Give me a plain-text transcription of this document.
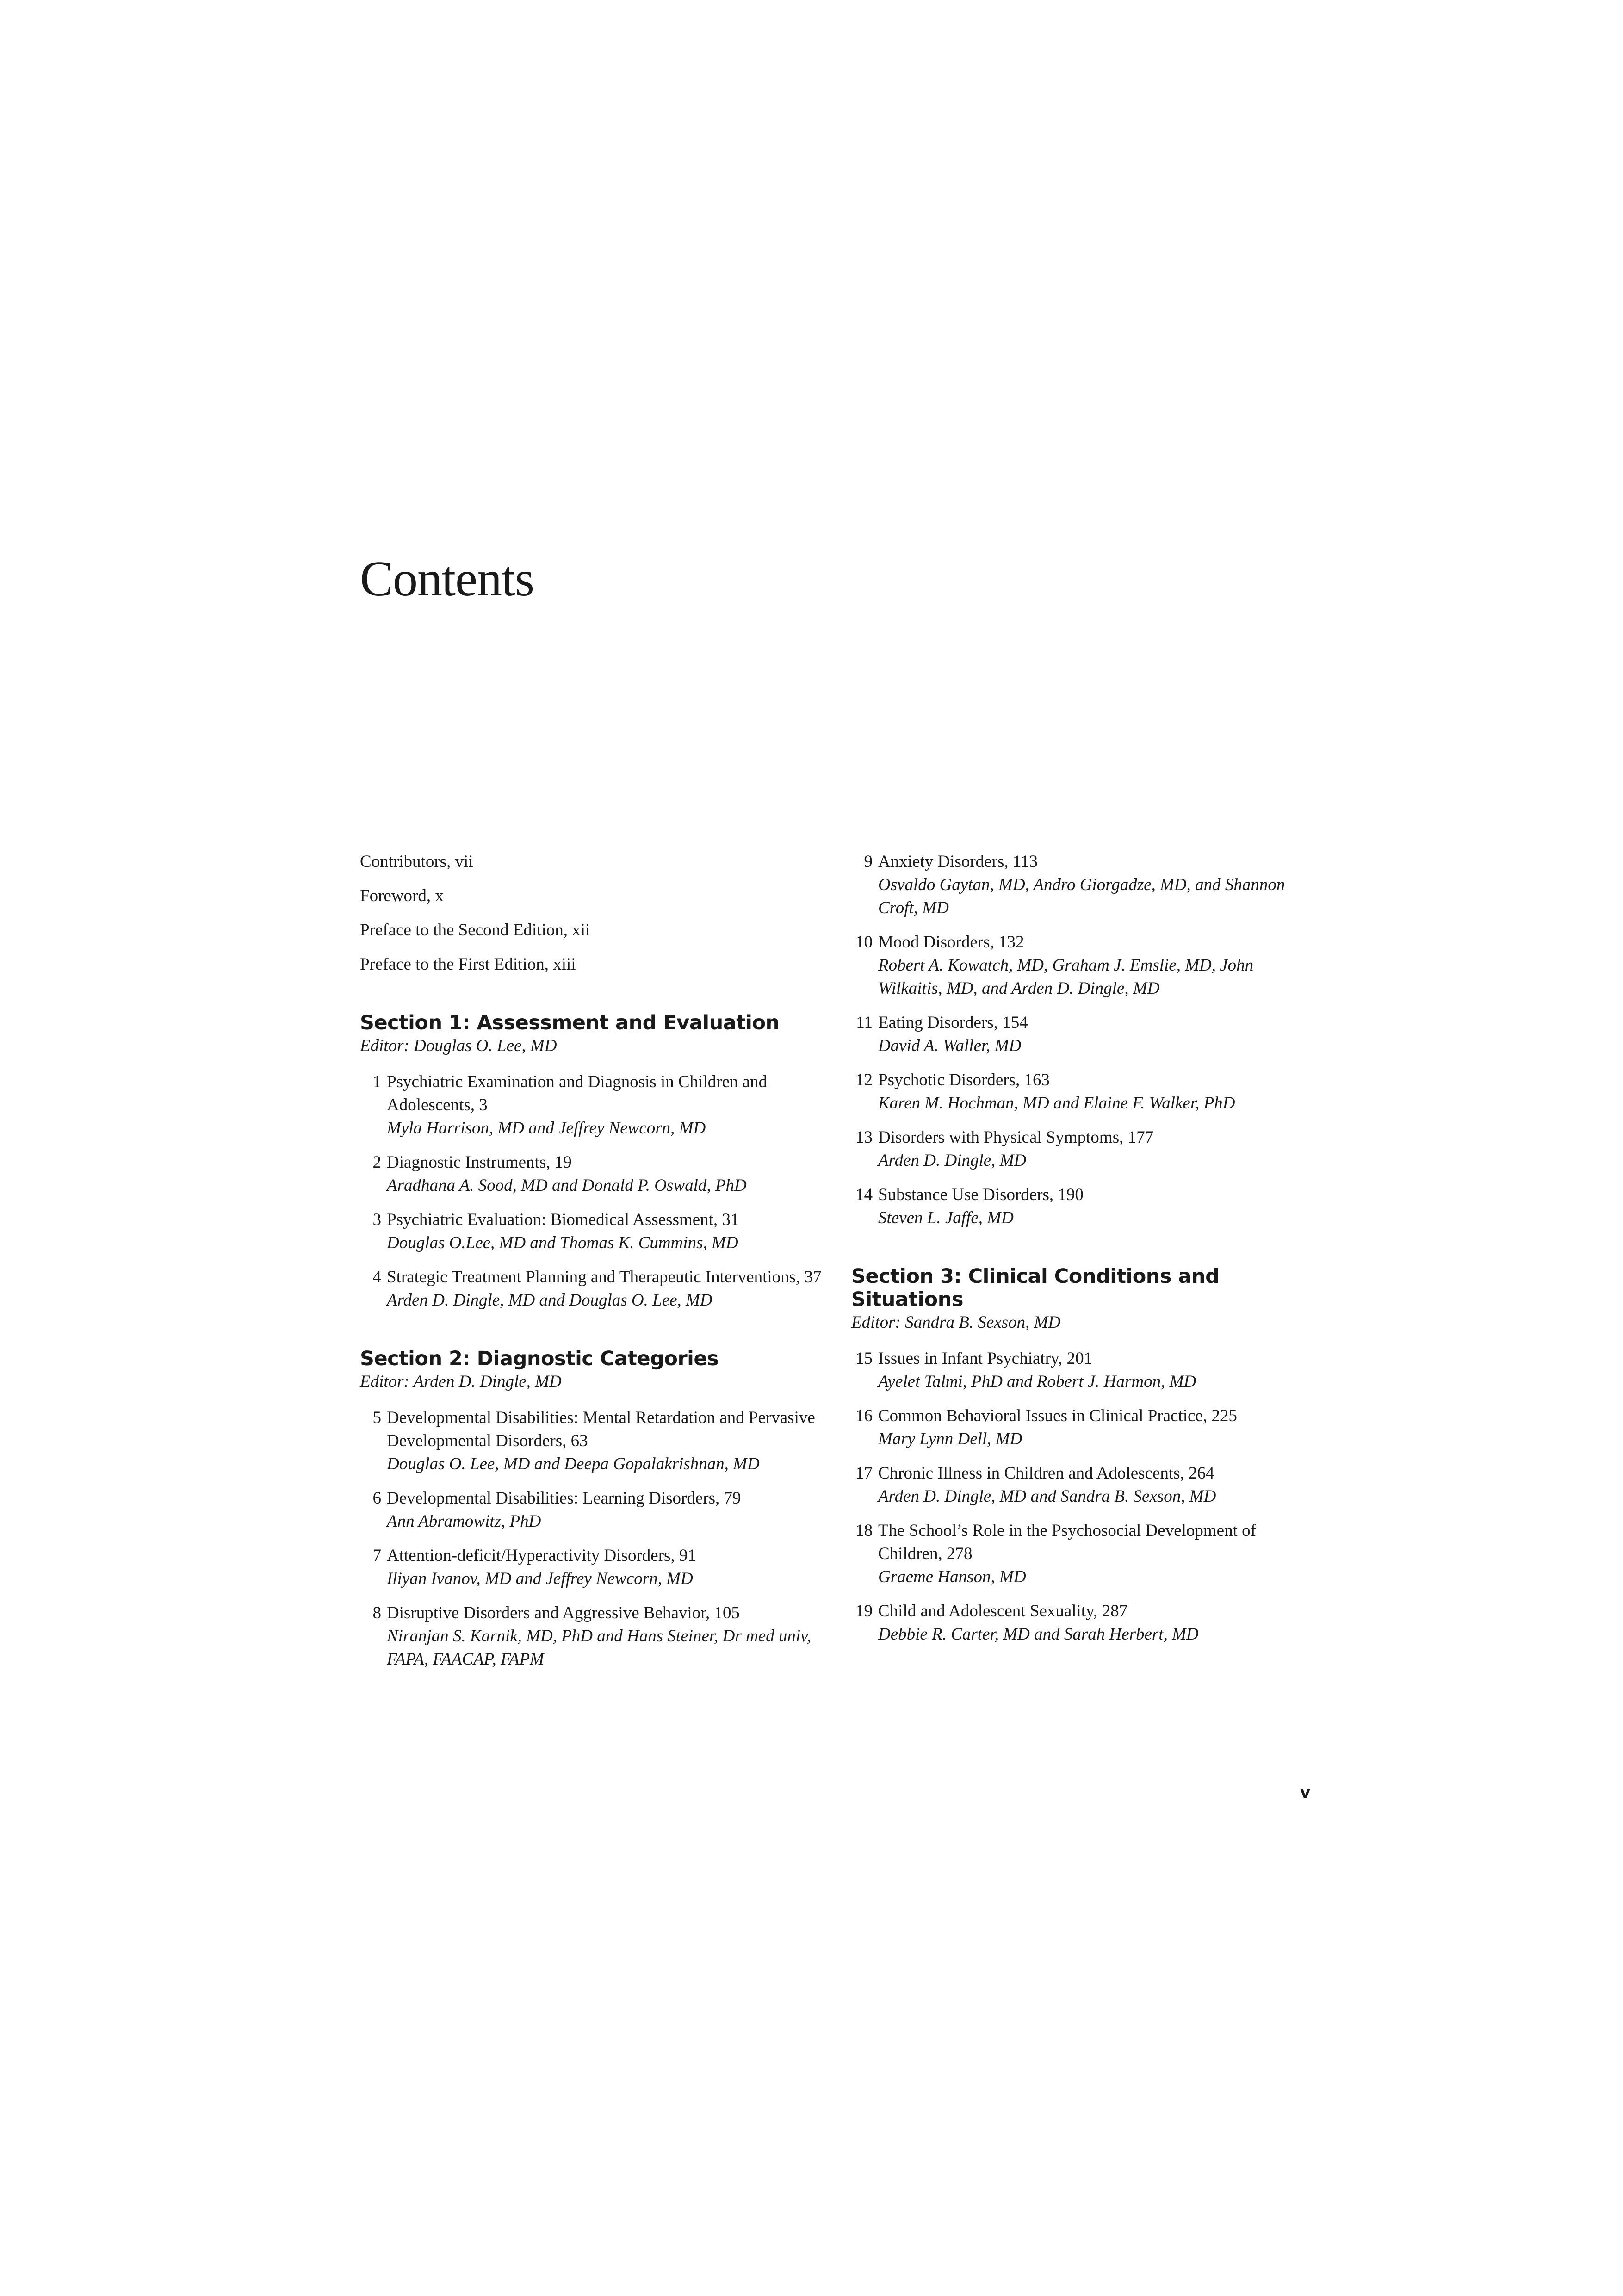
Contents

Contributors, vii

Foreword, x

Preface to the Second Edition, xii

Preface to the First Edition, xiii

Section 1: Assessment and Evaluation

Editor: Douglas O. Lee, MD

1 Psychiatric Examination and Diagnosis in Children and Adolescents, 3
Myla Harrison, MD and Jeffrey Newcorn, MD
2 Diagnostic Instruments, 19
Aradhana A. Sood, MD and Donald P. Oswald, PhD
3 Psychiatric Evaluation: Biomedical Assessment, 31
Douglas O.Lee, MD and Thomas K. Cummins, MD
4 Strategic Treatment Planning and Therapeutic Interventions, 37
Arden D. Dingle, MD and Douglas O. Lee, MD
Section 2: Diagnostic Categories

Editor: Arden D. Dingle, MD

5 Developmental Disabilities: Mental Retardation and Pervasive Developmental Disorders, 63
Douglas O. Lee, MD and Deepa Gopalakrishnan, MD
6 Developmental Disabilities: Learning Disorders, 79
Ann Abramowitz, PhD
7 Attention-deficit/Hyperactivity Disorders, 91
Iliyan Ivanov, MD and Jeffrey Newcorn, MD
8 Disruptive Disorders and Aggressive Behavior, 105
Niranjan S. Karnik, MD, PhD and Hans Steiner, Dr med univ, FAPA, FAACAP, FAPM
9 Anxiety Disorders, 113
Osvaldo Gaytan, MD, Andro Giorgadze, MD, and Shannon Croft, MD
10 Mood Disorders, 132
Robert A. Kowatch, MD, Graham J. Emslie, MD, John Wilkaitis, MD, and Arden D. Dingle, MD
11 Eating Disorders, 154
David A. Waller, MD
12 Psychotic Disorders, 163
Karen M. Hochman, MD and Elaine F. Walker, PhD
13 Disorders with Physical Symptoms, 177
Arden D. Dingle, MD
14 Substance Use Disorders, 190
Steven L. Jaffe, MD
Section 3: Clinical Conditions and Situations

Editor: Sandra B. Sexson, MD

15 Issues in Infant Psychiatry, 201
Ayelet Talmi, PhD and Robert J. Harmon, MD
16 Common Behavioral Issues in Clinical Practice, 225
Mary Lynn Dell, MD
17 Chronic Illness in Children and Adolescents, 264
Arden D. Dingle, MD and Sandra B. Sexson, MD
18 The School’s Role in the Psychosocial Development of Children, 278
Graeme Hanson, MD
19 Child and Adolescent Sexuality, 287
Debbie R. Carter, MD and Sarah Herbert, MD
v
